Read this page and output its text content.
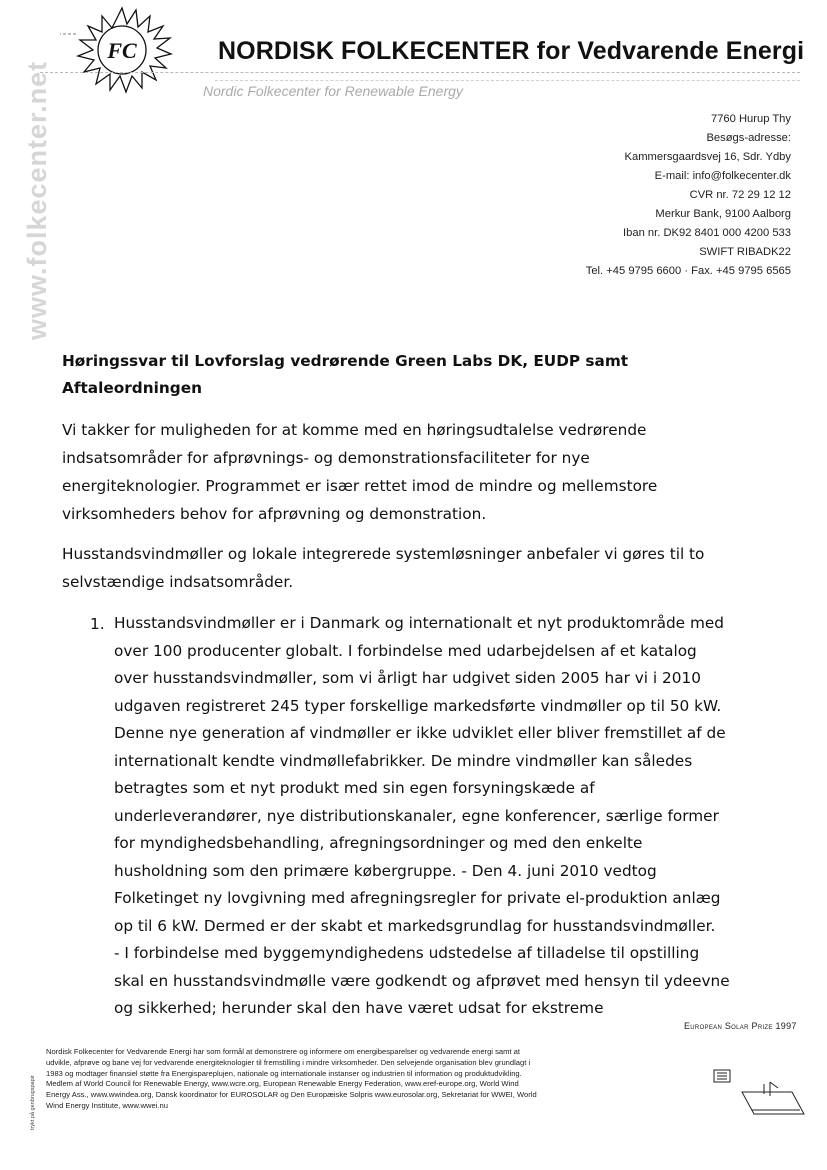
FC	NORDISK FOLKECENTER for Vedvarende Energi
Nordic Folkecenter for Renewable Energy
www.folkecenter.net	7760 Hurup Thy
Besøgs-adresse:
Kammersgaardsvej 16, Sdr. Ydby
E-mail: info@folkecenter.dk
CVR nr. 72 29 12 12
Merkur Bank, 9100 Aalborg
Iban nr. DK92 8401 000 4200 533
SWIFT RIBADK22
Tel. +45 9795 6600 · Fax. +45 9795 6565
Høringssvar til Lovforslag vedrørende Green Labs DK, EUDP samt
Aftaleordningen
Vi takker for muligheden for at komme med en høringsudtalelse vedrørende
indsatsområder for afprøvnings- og demonstrationsfaciliteter for nye
energiteknologier. Programmet er især rettet imod de mindre og mellemstore
virksomheders behov for afprøvning og demonstration.
Husstandsvindmøller og lokale integrerede systemløsninger anbefaler vi gøres til to
selvstændige indsatsområder.
1. Husstandsvindmøller er i Danmark og internationalt et nyt produktområde med
over 100 producenter globalt. I forbindelse med udarbejdelsen af et katalog
over husstandsvindmøller, som vi årligt har udgivet siden 2005 har vi i 2010
udgaven registreret 245 typer forskellige markedsførte vindmøller op til 50 kW.
Denne nye generation af vindmøller er ikke udviklet eller bliver fremstillet af de
internationalt kendte vindmøllefabrikker. De mindre vindmøller kan således
betragtes som et nyt produkt med sin egen forsyningskæde af
underleverandører, nye distributionskanaler, egne konferencer, særlige former
for myndighedsbehandling, afregningsordninger og med den enkelte
husholdning som den primære købergruppe. - Den 4. juni 2010 vedtog
Folketinget ny lovgivning med afregningsregler for private el-produktion anlæg
op til 6 kW. Dermed er der skabt et markedsgrundlag for husstandsvindmøller.
- I forbindelse med byggemyndighedens udstedelse af tilladelse til opstilling
skal en husstandsvindmølle være godkendt og afprøvet med hensyn til ydeevne
og sikkerhed; herunder skal den have været udsat for ekstreme
European Solar Prize 1997
trykt på genbrugspapir
Nordisk Folkecenter for Vedvarende Energi har som formål at demonstrere og informere om energibesparelser og vedvarende energi samt at
udvikle, afprøve og bane vej for vedvarende energiteknologier til fremstilling i mindre virksomheder. Den selvejende organisation blev grundlagt i
1983 og modtager finansiel støtte fra Energispareplujen, nationale og internationale instanser og industrien til information og produktudvikling.
Medlem af World Council for Renewable Energy, www.wcre.org, European Renewable Energy Federation, www.eref-europe.org, World Wind
Energy Ass., www.wwindea.org, Dansk koordinator for EUROSOLAR og Den Europæiske Solpris www.eurosolar.org, Sekretariat for WWEI, World
Wind Energy Institute, www.wwei.nu
